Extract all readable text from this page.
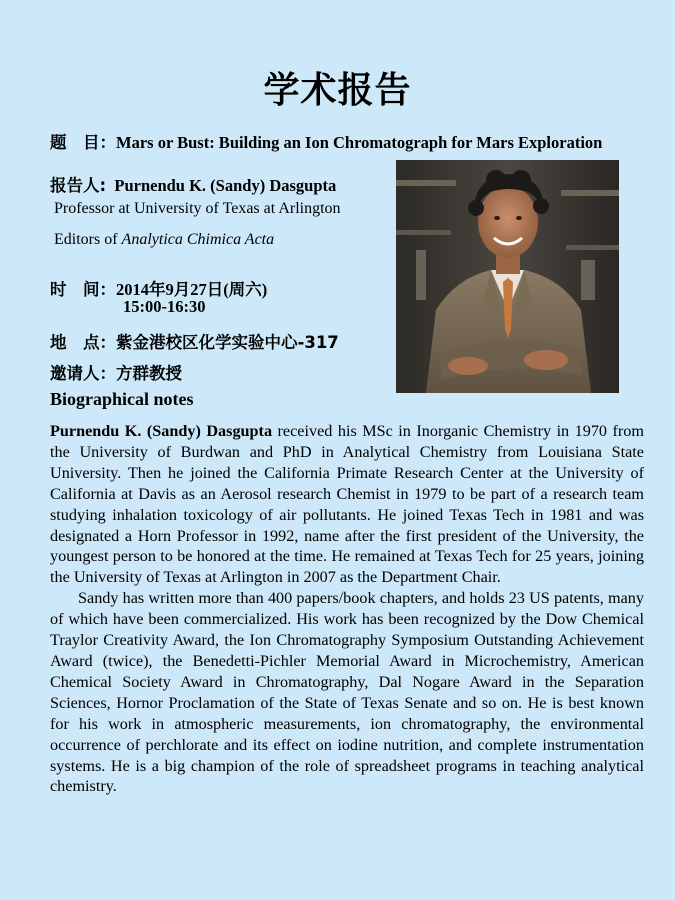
学术报告
题　目：Mars or Bust: Building an Ion Chromatograph for Mars Exploration
报告人: Purnendu K. (Sandy) Dasgupta
Professor at University of Texas at Arlington
Editors of Analytica Chimica Acta
时　间：2014年9月27日(周六)
15:00-16:30
地　点：紫金港校区化学实验中心-317
邀请人：方群教授
Biographical notes

Purnendu K. (Sandy) Dasgupta received his MSc in Inorganic Chemistry in 1970 from the University of Burdwan and PhD in Analytical Chemistry from Louisiana State University. Then he joined the California Primate Research Center at the University of California at Davis as an Aerosol research Chemist in 1979 to be part of a research team studying inhalation toxicology of air pollutants. He joined Texas Tech in 1981 and was designated a Horn Professor in 1992, name after the first president of the University, the youngest person to be honored at the time. He remained at Texas Tech for 25 years, joining the University of Texas at Arlington in 2007 as the Department Chair.

Sandy has written more than 400 papers/book chapters, and holds 23 US patents, many of which have been commercialized. His work has been recognized by the Dow Chemical Traylor Creativity Award, the Ion Chromatography Symposium Outstanding Achievement Award (twice), the Benedetti-Pichler Memorial Award in Microchemistry, American Chemical Society Award in Chromatography, Dal Nogare Award in the Separation Sciences, Hornor Proclamation of the State of Texas Senate and so on. He is best known for his work in atmospheric measurements, ion chromatography, the environmental occurrence of perchlorate and its effect on iodine nutrition, and complete instrumentation systems. He is a big champion of the role of spreadsheet programs in teaching analytical chemistry.
